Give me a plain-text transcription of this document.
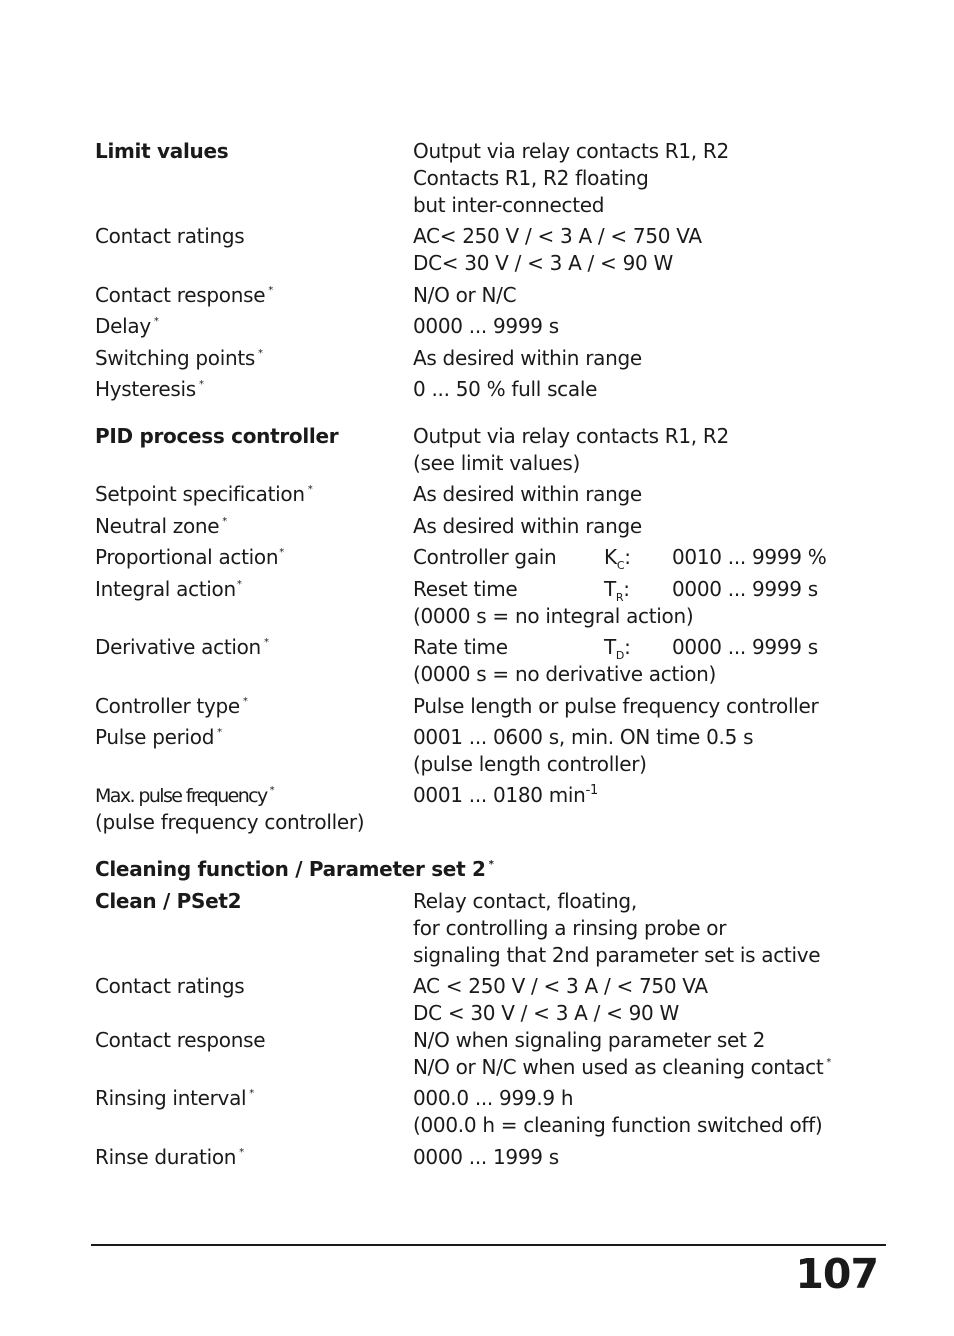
Limit values	Output via relay contacts R1, R2
Contacts R1, R2 floating
but inter-connected
Contact ratings	AC< 250 V / < 3 A / < 750 VA
DC< 30 V / < 3 A / < 90 W
Contact response *	N/O or N/C
Delay *	0000 ... 9999 s
Switching points *	As desired within range
Hysteresis *	0 ... 50 % full scale
PID process controller	Output via relay contacts R1, R2
(see limit values)
Setpoint specification *	As desired within range
Neutral zone *	As desired within range
Proportional action*	Controller gain $K_C$: 0010 ... 9999 %
Integral action*	Reset time	$T_R$: 0000 ... 9999 s
(0000 s = no integral action)
Derivative action *	Rate time	$T_D$: 0000 ... 9999 s
(0000 s = no derivative action)
Controller type *	Pulse length or pulse frequency controller
Pulse period *	0001 ... 0600 s, min. ON time 0.5 s
(pulse length controller)
Max. pulse frequency *	0001 ... 0180 $\min^{-1}$
(pulse frequency controller)
Cleaning function / Parameter set 2 *
Clean / PSet2	Relay contact, floating,
for controlling a rinsing probe or
signaling that 2nd parameter set is active
Contact ratings	AC < 250 V / < 3 A / < 750 VA
DC < 30 V / < 3 A / < 90 W
Contact response	N/O when signaling parameter set 2
N/O or N/C when used as cleaning contact *
Rinsing interval *	000.0 ... 999.9 h
(000.0 h = cleaning function switched off)
Rinse duration *	0000 ... 1999 s
107
